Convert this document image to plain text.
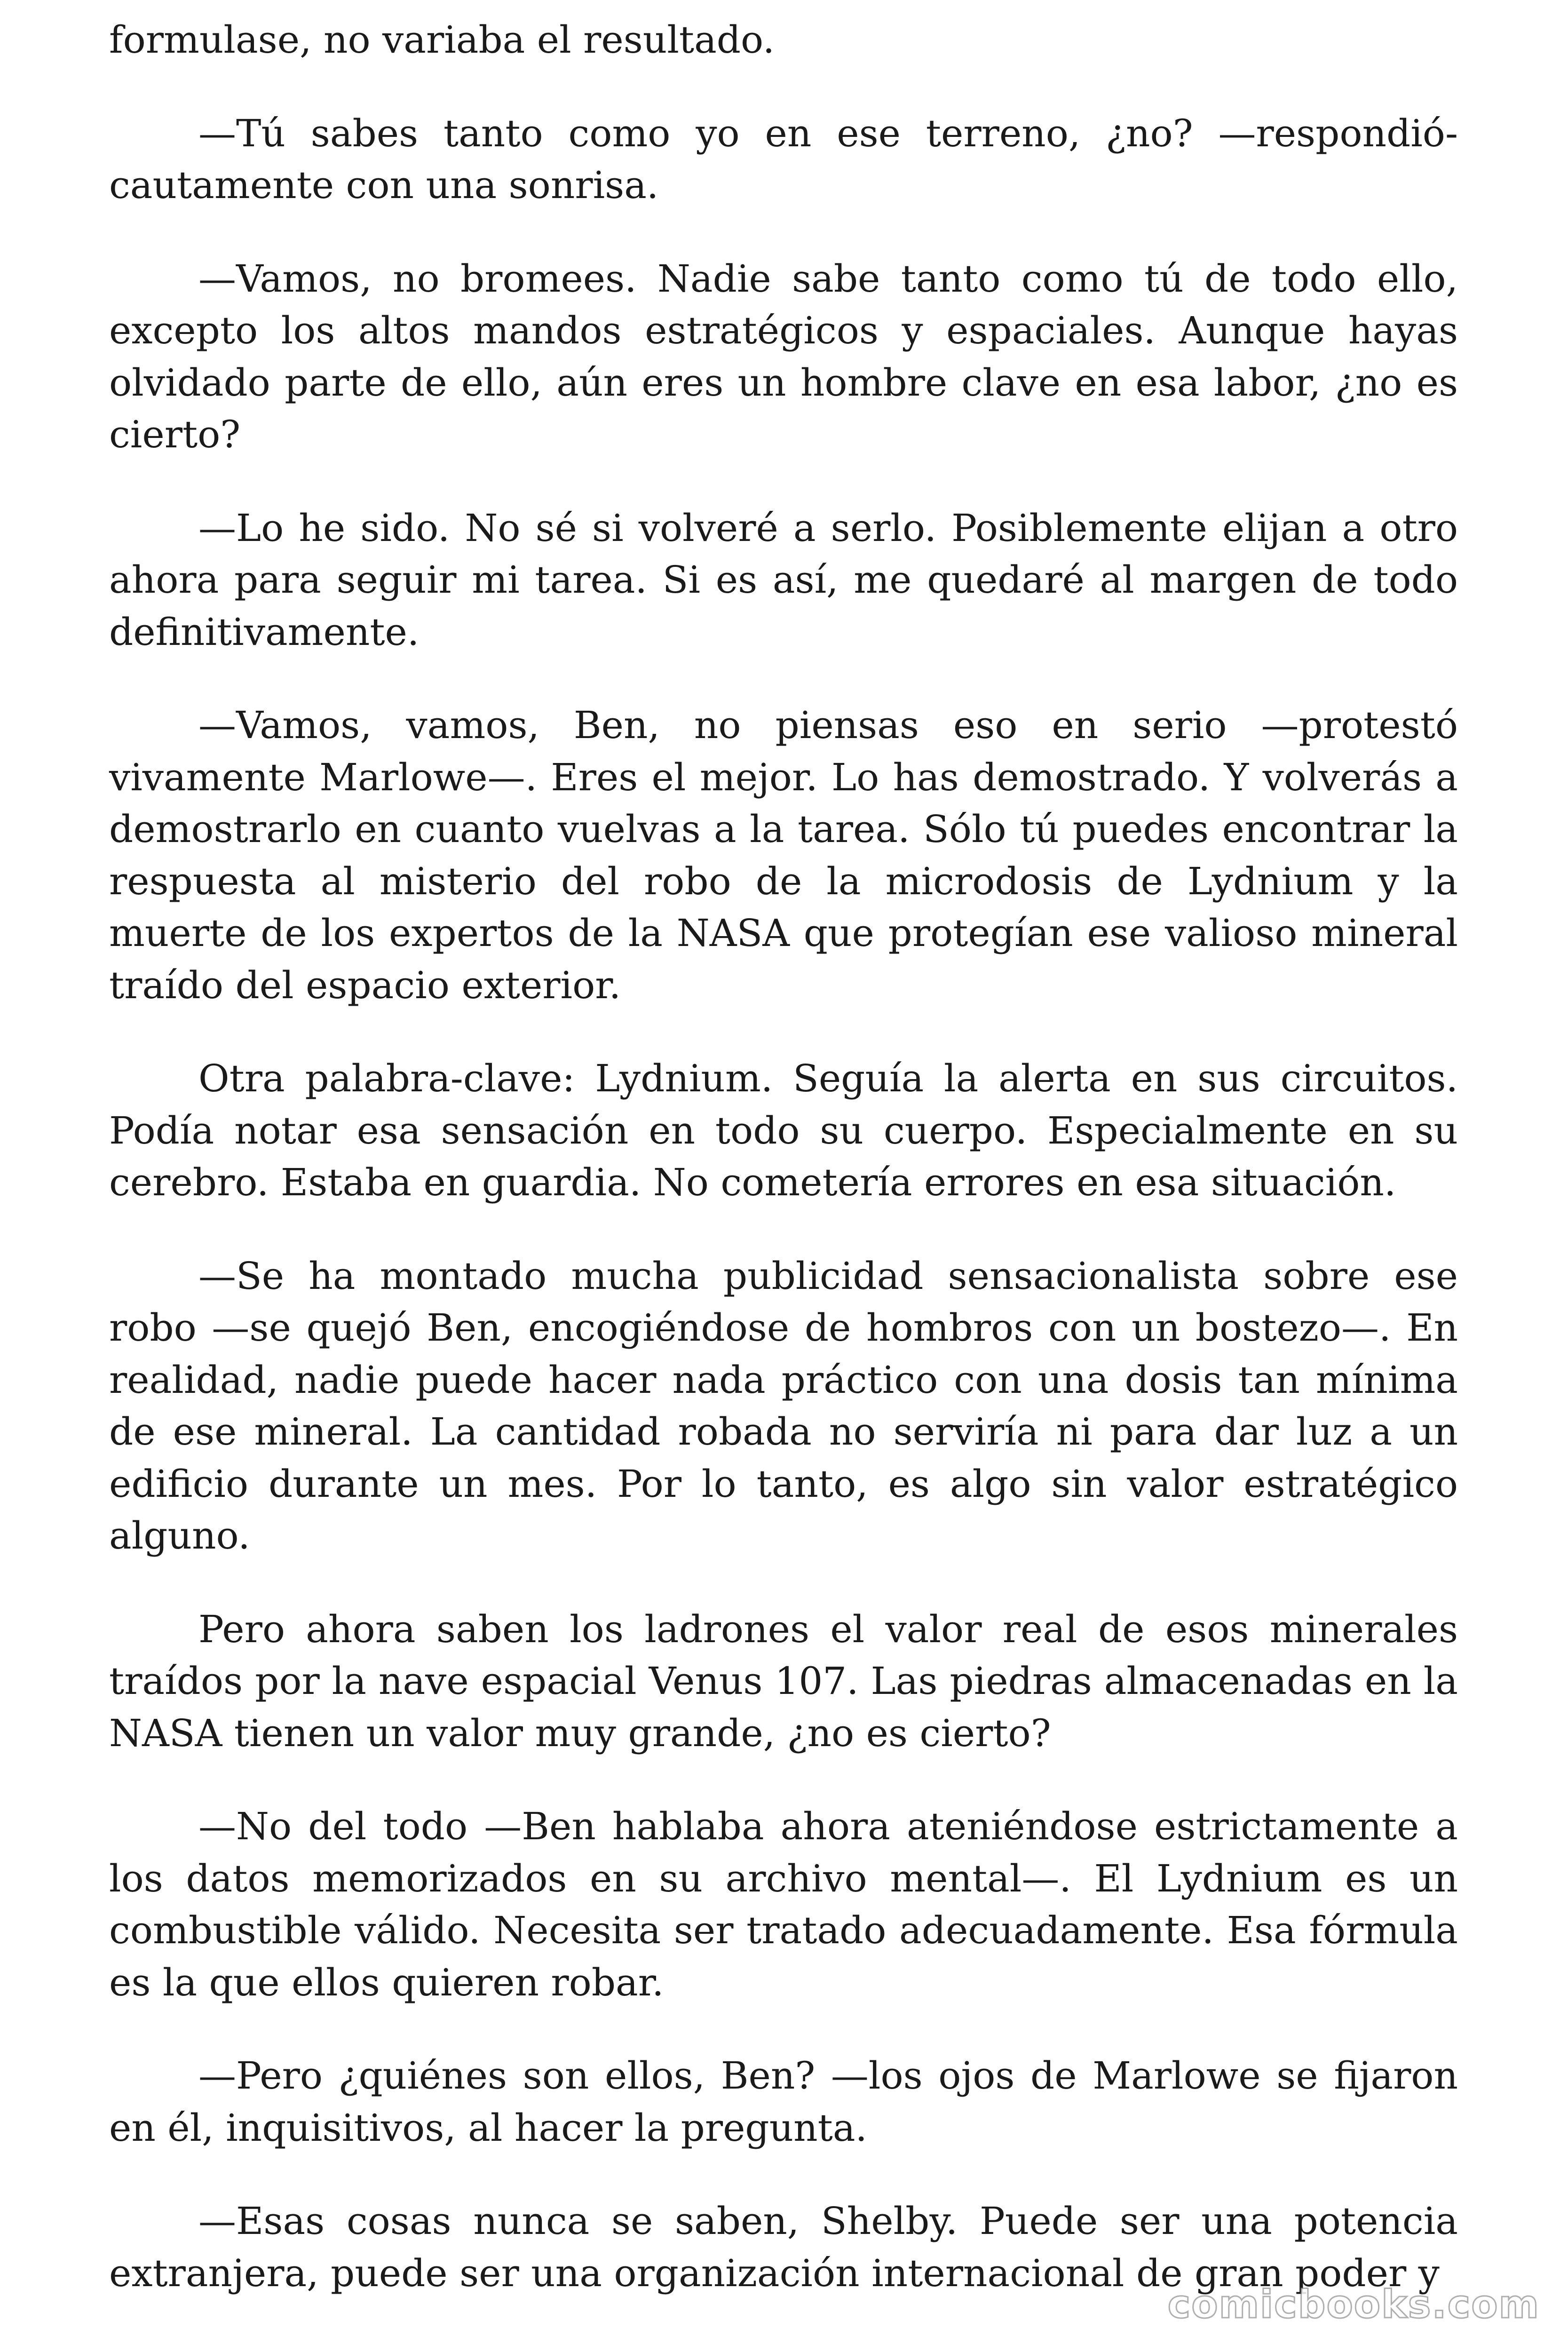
formulase, no variaba el resultado.

—Tú sabes tanto como yo en ese terreno, ¿no? —respondió- cautamente con una sonrisa.

—Vamos, no bromees. Nadie sabe tanto como tú de todo ello, excepto los altos mandos estratégicos y espaciales. Aunque hayas olvidado parte de ello, aún eres un hombre clave en esa labor, ¿no es cierto?

—Lo he sido. No sé si volveré a serlo. Posiblemente elijan a otro ahora para seguir mi tarea. Si es así, me quedaré al margen de todo definitivamente.

—Vamos, vamos, Ben, no piensas eso en serio —protestó vivamente Marlowe—. Eres el mejor. Lo has demostrado. Y volverás a demostrarlo en cuanto vuelvas a la tarea. Sólo tú puedes encontrar la respuesta al misterio del robo de la microdosis de Lydnium y la muerte de los expertos de la NASA que protegían ese valioso mineral traído del espacio exterior.

Otra palabra-clave: Lydnium. Seguía la alerta en sus circuitos. Podía notar esa sensación en todo su cuerpo. Especialmente en su cerebro. Estaba en guardia. No cometería errores en esa situación.

—Se ha montado mucha publicidad sensacionalista sobre ese robo —se quejó Ben, encogiéndose de hombros con un bostezo—. En realidad, nadie puede hacer nada práctico con una dosis tan mínima de ese mineral. La cantidad robada no serviría ni para dar luz a un edificio durante un mes. Por lo tanto, es algo sin valor estratégico alguno.

Pero ahora saben los ladrones el valor real de esos minerales traídos por la nave espacial Venus 107. Las piedras almacenadas en la NASA tienen un valor muy grande, ¿no es cierto?

—No del todo —Ben hablaba ahora ateniéndose estrictamente a los datos memorizados en su archivo mental—. El Lydnium es un combustible válido. Necesita ser tratado adecuadamente. Esa fórmula es la que ellos quieren robar.

—Pero ¿quiénes son ellos, Ben? —los ojos de Marlowe se fijaron en él, inquisitivos, al hacer la pregunta.

—Esas cosas nunca se saben, Shelby. Puede ser una potencia extranjera, puede ser una organización internacional de gran poder y

comicbooks.com
